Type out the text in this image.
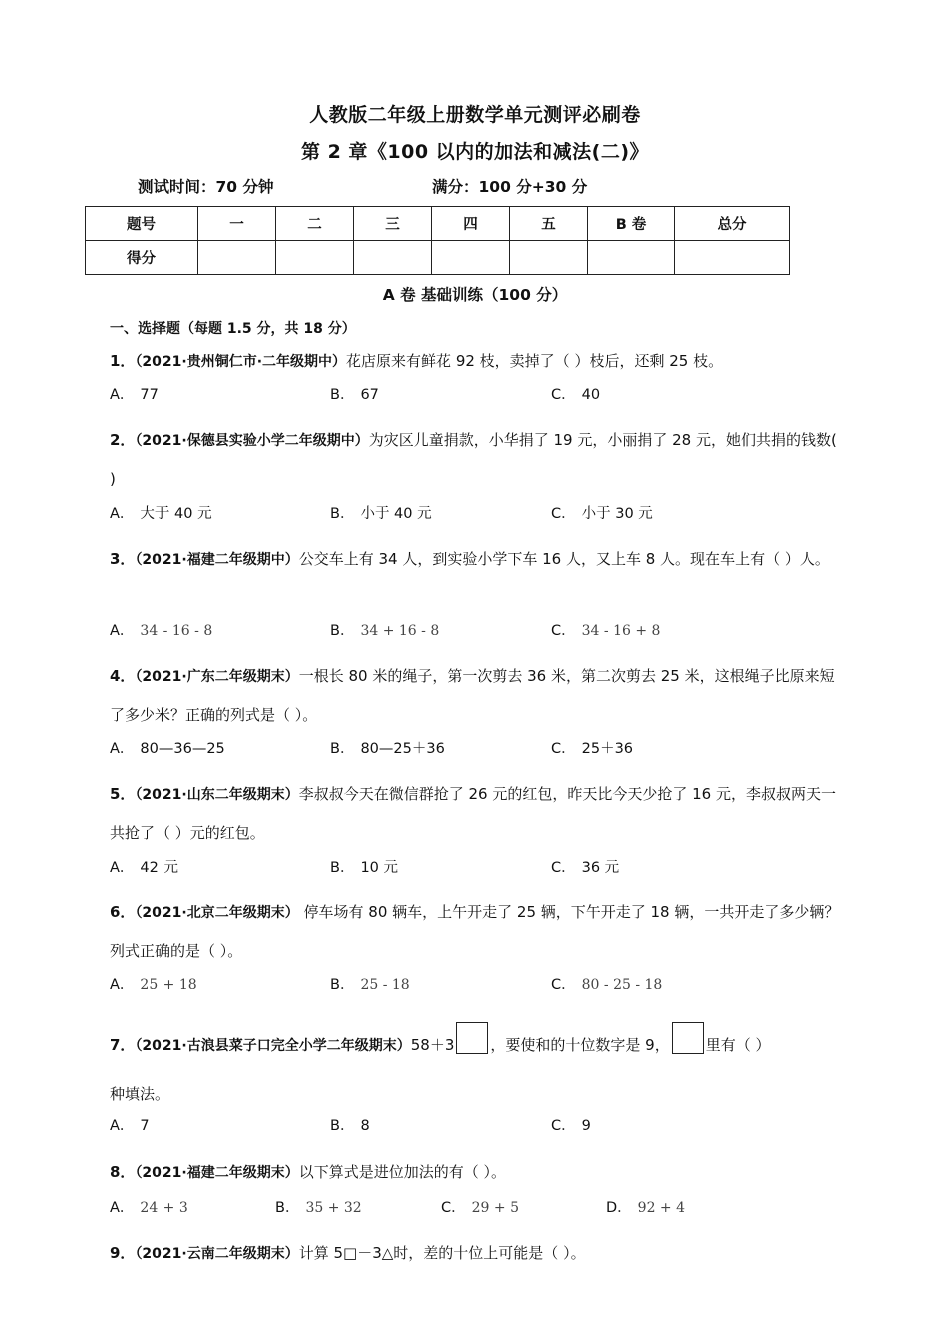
人教版二年级上册数学单元测评必刷卷
第 2 章《100 以内的加法和减法(二)》
测试时间：70 分钟	满分：100 分+30 分
题号	一	二	三	四	五	B 卷	总分
得分							
A 卷 基础训练（100 分）
一、选择题（每题 1.5 分，共 18 分）
1．（2021·贵州铜仁市·二年级期中）花店原来有鲜花 92 枝，卖掉了（ ）枝后，还剩 25 枝。
A． 77	B． 67	C． 40
2．（2021·保德县实验小学二年级期中）为灾区儿童捐款，小华捐了 19 元，小丽捐了 28 元，她们共捐的钱数( )
A． 大于 40 元	B． 小于 40 元	C． 小于 30 元
3．（2021·福建二年级期中）公交车上有 34 人，到实验小学下车 16 人，又上车 8 人。现在车上有（ ）人。
A． 34 - 16 - 8	B． 34 + 16 - 8	C． 34 - 16 + 8
4．（2021·广东二年级期末）一根长 80 米的绳子，第一次剪去 36 米，第二次剪去 25 米，这根绳子比原来短了多少米？正确的列式是（ ）。
A． 80—36—25	B． 80—25＋36	C． 25＋36
5．（2021·山东二年级期末）李叔叔今天在微信群抢了 26 元的红包，昨天比今天少抢了 16 元，李叔叔两天一共抢了（ ）元的红包。
A． 42 元	B． 10 元	C． 36 元
6．（2021·北京二年级期末） 停车场有 80 辆车，上午开走了 25 辆，下午开走了 18 辆，一共开走了多少辆？列式正确的是（ ）。
A． 25 + 18	B． 25 - 18	C． 80 - 25 - 18
7．（2021·古浪县菜子口完全小学二年级期末）58＋3 ，要使和的十位数字是 9， 里有（ ）
种填法。
A． 7	B． 8	C． 9
8．（2021·福建二年级期末）以下算式是进位加法的有（ ）。
A． 24 + 3	B． 35 + 32	C． 29 + 5	D． 92 + 4
9．（2021·云南二年级期末）计算 5□－3△时，差的十位上可能是（ ）。
